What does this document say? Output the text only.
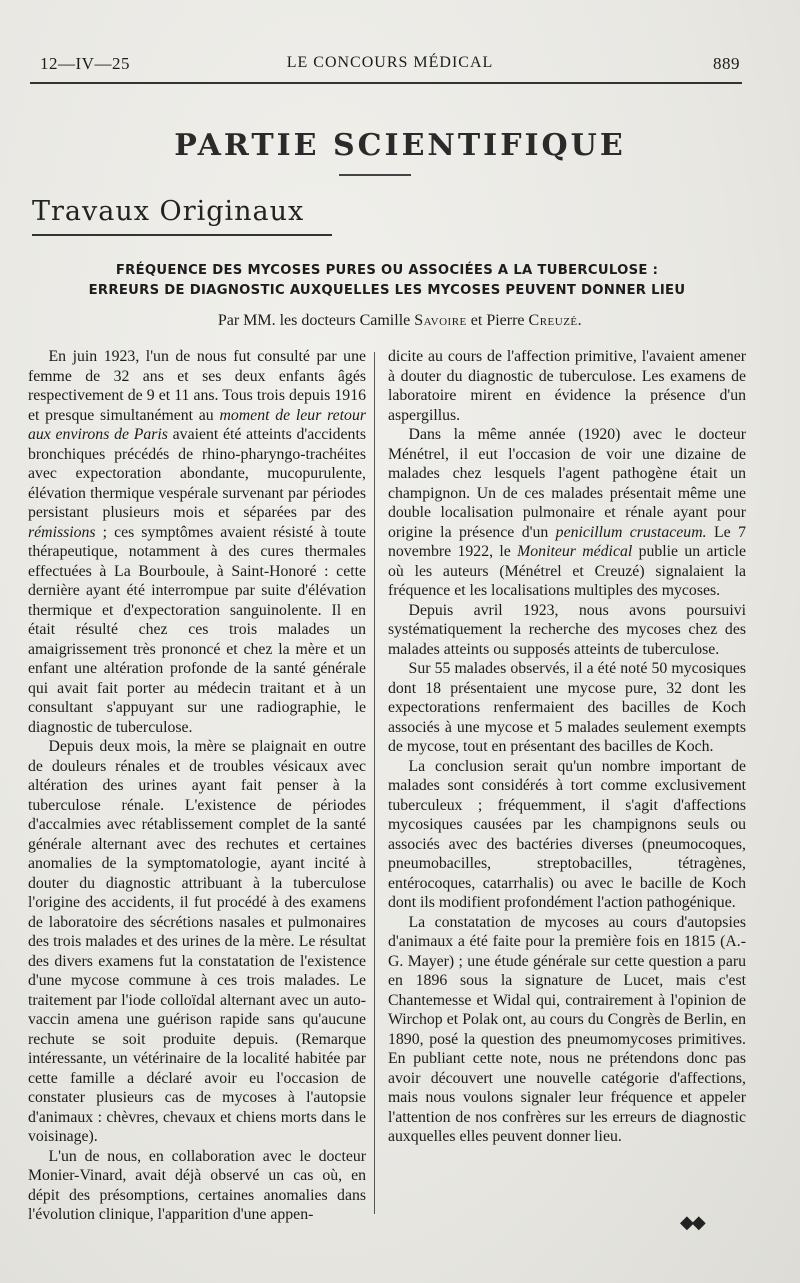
12—IV—25	LE CONCOURS MÉDICAL	889
PARTIE SCIENTIFIQUE
Travaux Originaux
FRÉQUENCE DES MYCOSES PURES OU ASSOCIÉES A LA TUBERCULOSE :
ERREURS DE DIAGNOSTIC AUXQUELLES LES MYCOSES PEUVENT DONNER LIEU
Par MM. les docteurs Camille Savoire et Pierre Creuzé.

En juin 1923, l'un de nous fut consulté par une femme de 32 ans et ses deux enfants âgés respectivement de 9 et 11 ans. Tous trois depuis 1916 et presque simultanément au moment de leur retour aux environs de Paris avaient été atteints d'accidents bronchiques précédés de rhino-pharyngo-trachéites avec expectoration abondante, mucopurulente, élévation thermique vespérale survenant par périodes persistant plusieurs mois et séparées par des rémissions ; ces symptômes avaient résisté à toute thérapeutique, notamment à des cures thermales effectuées à La Bourboule, à Saint-Honoré : cette dernière ayant été interrompue par suite d'élévation thermique et d'expectoration sanguinolente. Il en était résulté chez ces trois malades un amaigrissement très prononcé et chez la mère et un enfant une altération profonde de la santé générale qui avait fait porter au médecin traitant et à un consultant s'appuyant sur une radiographie, le diagnostic de tuberculose.

Depuis deux mois, la mère se plaignait en outre de douleurs rénales et de troubles vésicaux avec altération des urines ayant fait penser à la tuberculose rénale. L'existence de périodes d'accalmies avec rétablissement complet de la santé générale alternant avec des rechutes et certaines anomalies de la symptomatologie, ayant incité à douter du diagnostic attribuant à la tuberculose l'origine des accidents, il fut procédé à des examens de laboratoire des sécrétions nasales et pulmonaires des trois malades et des urines de la mère. Le résultat des divers examens fut la constatation de l'existence d'une mycose commune à ces trois malades. Le traitement par l'iode colloïdal alternant avec un auto-vaccin amena une guérison rapide sans qu'aucune rechute se soit produite depuis. (Remarque intéressante, un vétérinaire de la localité habitée par cette famille a déclaré avoir eu l'occasion de constater plusieurs cas de mycoses à l'autopsie d'animaux : chèvres, chevaux et chiens morts dans le voisinage).

L'un de nous, en collaboration avec le docteur Monier-Vinard, avait déjà observé un cas où, en dépit des présomptions, certaines anomalies dans l'évolution clinique, l'apparition d'une appen-

dicite au cours de l'affection primitive, l'avaient amener à douter du diagnostic de tuberculose. Les examens de laboratoire mirent en évidence la présence d'un aspergillus.

Dans la même année (1920) avec le docteur Ménétrel, il eut l'occasion de voir une dizaine de malades chez lesquels l'agent pathogène était un champignon. Un de ces malades présentait même une double localisation pulmonaire et rénale ayant pour origine la présence d'un penicillum crustaceum. Le 7 novembre 1922, le Moniteur médical publie un article où les auteurs (Ménétrel et Creuzé) signalaient la fréquence et les localisations multiples des mycoses.

Depuis avril 1923, nous avons poursuivi systématiquement la recherche des mycoses chez des malades atteints ou supposés atteints de tuberculose.

Sur 55 malades observés, il a été noté 50 mycosiques dont 18 présentaient une mycose pure, 32 dont les expectorations renfermaient des bacilles de Koch associés à une mycose et 5 malades seulement exempts de mycose, tout en présentant des bacilles de Koch.

La conclusion serait qu'un nombre important de malades sont considérés à tort comme exclusivement tuberculeux ; fréquemment, il s'agit d'affections mycosiques causées par les champignons seuls ou associés avec des bactéries diverses (pneumocoques, pneumobacilles, streptobacilles, tétragènes, entérocoques, catarrhalis) ou avec le bacille de Koch dont ils modifient profondément l'action pathogénique.

La constatation de mycoses au cours d'autopsies d'animaux a été faite pour la première fois en 1815 (A.-G. Mayer) ; une étude générale sur cette question a paru en 1896 sous la signature de Lucet, mais c'est Chantemesse et Widal qui, contrairement à l'opinion de Wirchop et Polak ont, au cours du Congrès de Berlin, en 1890, posé la question des pneumomycoses primitives. En publiant cette note, nous ne prétendons donc pas avoir découvert une nouvelle catégorie d'affections, mais nous voulons signaler leur fréquence et appeler l'attention de nos confrères sur les erreurs de diagnostic auxquelles elles peuvent donner lieu.

◆◆
